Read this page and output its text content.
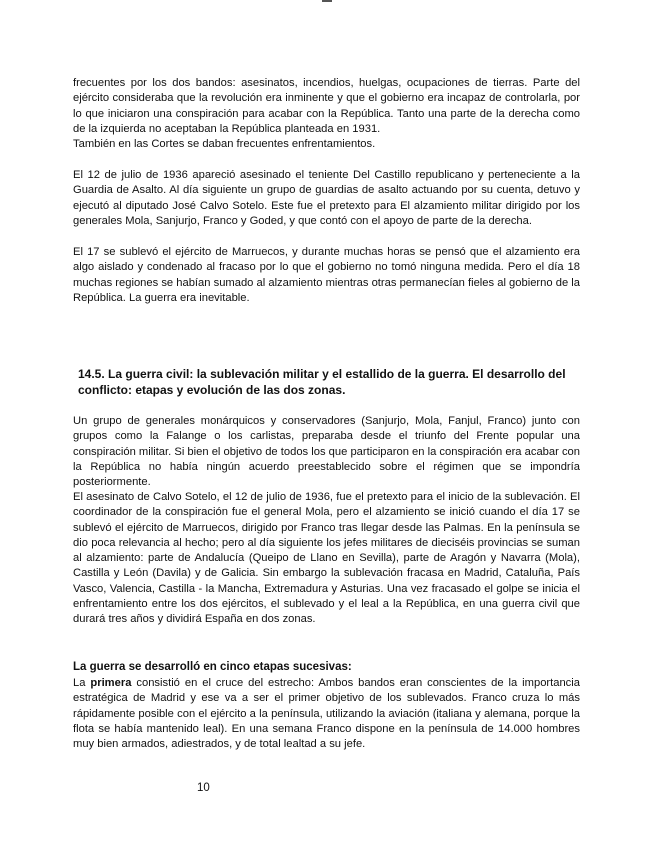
frecuentes por los dos bandos: asesinatos, incendios, huelgas, ocupaciones de tierras. Parte del ejército consideraba que la revolución era inminente y que el gobierno era incapaz de controlarla, por lo que iniciaron una conspiración para acabar con la República. Tanto una parte de la derecha como de la izquierda no aceptaban la República planteada en 1931.

También en las Cortes se daban frecuentes enfrentamientos.

El 12 de julio de 1936 apareció asesinado el teniente Del Castillo republicano y perteneciente a la Guardia de Asalto. Al día siguiente un grupo de guardias de asalto actuando por su cuenta, detuvo y ejecutó al diputado José Calvo Sotelo. Este fue el pretexto para El alzamiento militar dirigido por los generales Mola, Sanjurjo, Franco y Goded, y que contó con el apoyo de parte de la derecha.

El 17 se sublevó el ejército de Marruecos, y durante muchas horas se pensó que el alzamiento era algo aislado y condenado al fracaso por lo que el gobierno no tomó ninguna medida. Pero el día 18 muchas regiones se habían sumado al alzamiento mientras otras permanecían fieles al gobierno de la República. La guerra era inevitable.

14.5. La guerra civil: la sublevación militar y el estallido de la guerra. El desarrollo del conflicto: etapas y evolución de las dos zonas.

Un grupo de generales monárquicos y conservadores (Sanjurjo, Mola, Fanjul, Franco) junto con grupos como la Falange o los carlistas, preparaba desde el triunfo del Frente popular una conspiración militar. Si bien el objetivo de todos los que participaron en la conspiración era acabar con la República no había ningún acuerdo preestablecido sobre el régimen que se impondría posteriormente.

El asesinato de Calvo Sotelo, el 12 de julio de 1936, fue el pretexto para el inicio de la sublevación. El coordinador de la conspiración fue el general Mola, pero el alzamiento se inició cuando el día 17 se sublevó el ejército de Marruecos, dirigido por Franco tras llegar desde las Palmas. En la península se dio poca relevancia al hecho; pero al día siguiente los jefes militares de dieciséis provincias se suman al alzamiento: parte de Andalucía (Queipo de Llano en Sevilla), parte de Aragón y Navarra (Mola), Castilla y León (Davila) y de Galicia. Sin embargo la sublevación fracasa en Madrid, Cataluña, País Vasco, Valencia, Castilla - la Mancha, Extremadura y Asturias. Una vez fracasado el golpe se inicia el enfrentamiento entre los dos ejércitos, el sublevado y el leal a la República, en una guerra civil que durará tres años y dividirá España en dos zonas.

La guerra se desarrolló en cinco etapas sucesivas:

La primera consistió en el cruce del estrecho: Ambos bandos eran conscientes de la importancia estratégica de Madrid y ese va a ser el primer objetivo de los sublevados. Franco cruza lo más rápidamente posible con el ejército a la península, utilizando la aviación (italiana y alemana, porque la flota se había mantenido leal). En una semana Franco dispone en la península de 14.000 hombres muy bien armados, adiestrados, y de total lealtad a su jefe.

10
